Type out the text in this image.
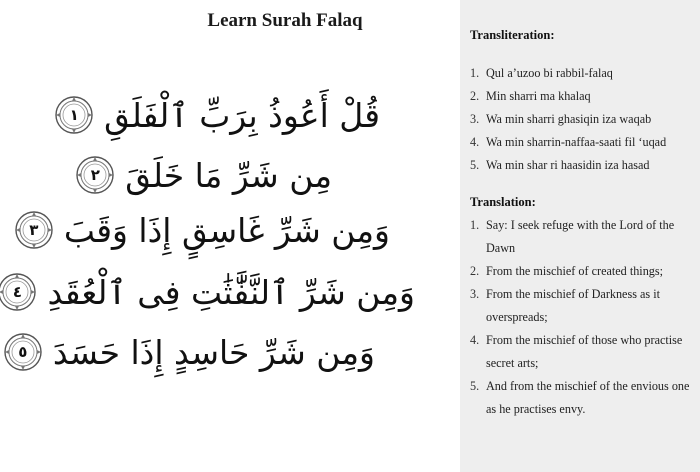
Learn Surah Falaq
قُلْ أَعُوذُ بِرَبِّ ٱلْفَلَقِ
١
مِن شَرِّ مَا خَلَقَ
٢
وَمِن شَرِّ غَاسِقٍ إِذَا وَقَبَ
٣
وَمِن شَرِّ ٱلنَّفَّٰثَٰتِ فِى ٱلْعُقَدِ
٤
وَمِن شَرِّ حَاسِدٍ إِذَا حَسَدَ
٥
Transliteration:
1. Qul a’uzoo bi rabbil-falaq
2. Min sharri ma khalaq
3. Wa min sharri ghasiqin iza waqab
4. Wa min sharrin-naffaa-saati fil ‘uqad
5. Wa min shar ri haasidin iza hasad
Translation:
1. Say: I seek refuge with the Lord of the Dawn
2. From the mischief of created things;
3. From the mischief of Darkness as it overspreads;
4. From the mischief of those who practise secret arts;
5. And from the mischief of the envious one as he practises envy.
